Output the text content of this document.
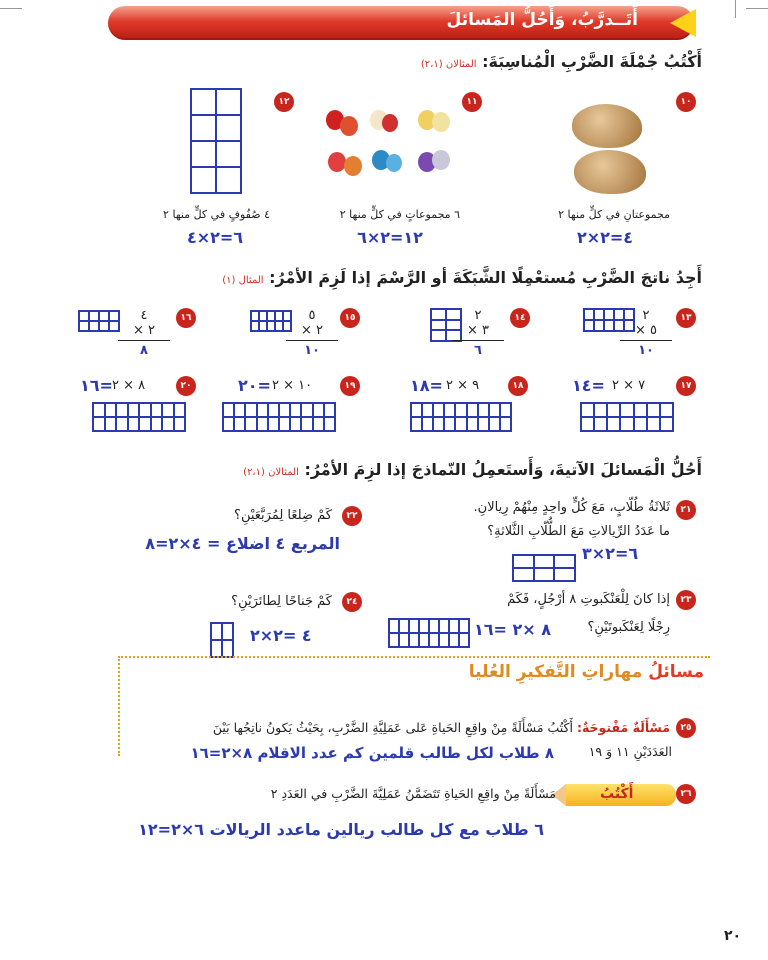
أَتَــدرَّبُ، وَأَحُلُّ المَسائلَ
أَكْتُبُ جُمْلَةَ الضَّرْبِ الْمُناسِبَةَ: المثالان (٢،١)
١٠
مجموعتانِ في كلٍّ منها ٢
٤=٢×٢
١١
٦ مجموعاتٍ في كلٍّ منها ٢
١٢=٢×٦
١٢
٤ صُفُوفٍ في كلٍّ منها ٢
٦=٢×٤
أَجِدُ ناتجَ الضَّرْبِ مُستعْمِلًا الشَّبَكَةَ أو الرَّسْمَ إذا لَزِمَ الأمْرُ: المثال (١)
١٣
٢
× ٥
١٠
١٤
٢
× ٣
٦
١٥
٥
× ٢
١٠
١٦
٤
× ٢
٨
١٧
٧ × ٢
١٤=
١٨
٩ × ٢
١٨=
١٩
١٠ × ٢
٢٠=
٢٠
٨ × ٢
١٦=
أَحُلُّ الْمَسائلَ الآتيةَ، وَأَستَعمِلُ النّماذجَ إذا لزِمَ الأمْرُ: المثالان (٢،١)
٢١
ثَلاثَةُ طُلّابٍ، مَعَ كُلٍّ واحِدٍ مِنْهُمْ رِيالانِ.
ما عَدَدُ الرِّيالاتِ مَعَ الطُّلّابِ الثَّلاثةِ؟
٦=٢×٣
٢٢
كَمْ ضِلعًا لِمُرَبَّعَيْنِ؟
المربع ٤ اضلاع = ٤×٢=٨
٢٣
إذا كانَ لِلْعَنْكَبوتِ ٨ أرْجُلٍ، فَكَمْ
رِجْلًا لِعَنْكَبوتَيْنِ؟
٨ ×٢ =١٦
٢٤
كَمْ جَناحًا لِطائرَيْنِ؟
٤ =٢×٢
مسائلُ مهاراتِ التَّفكيرِ العُليا
٢٥
مَسْأَلَةٌ مَفْتوحَةٌ: أَكْتُبُ مَسْأَلَةً مِنْ واقِعِ الحَياةِ عَلى عَمَلِيَّةِ الضَّرْبِ، بِحَيْثُ يَكونُ ناتِجُها بَيْنَ
العَدَدَيْنِ ١١ وَ ١٩
٨ طلاب لكل طالب قلمين كم عدد الاقلام ٨×٢=١٦
٢٦
أَكْتُبُ
مَسْأَلَةً مِنْ واقِعِ الحَياةِ تَتَضَمَّنُ عَمَلِيَّةَ الضَّرْبِ في العَدَدِ ٢
٦ طلاب مع كل طالب ريالين ماعدد الريالات ٦×٢=١٢
٢٠
